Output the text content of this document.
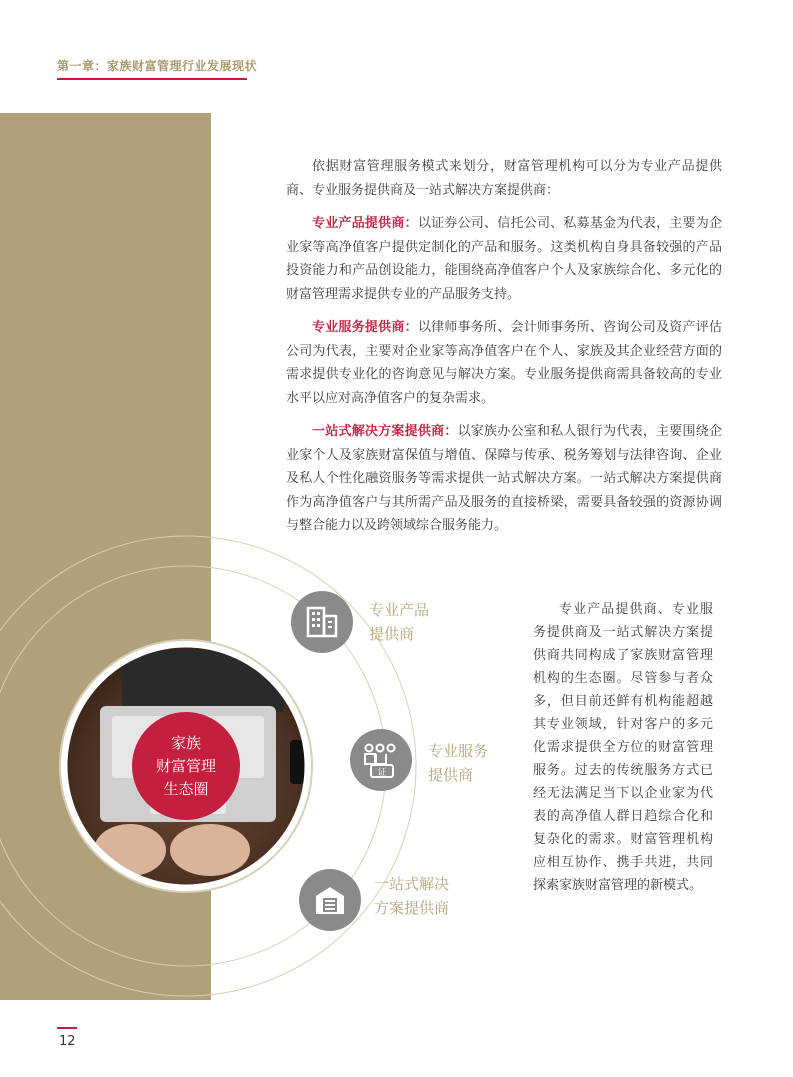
第一章：家族财富管理行业发展现状

依据财富管理服务模式来划分，财富管理机构可以分为专业产品提供商、专业服务提供商及一站式解决方案提供商：

专业产品提供商：以证券公司、信托公司、私募基金为代表，主要为企业家等高净值客户提供定制化的产品和服务。这类机构自身具备较强的产品投资能力和产品创设能力，能围绕高净值客户个人及家族综合化、多元化的财富管理需求提供专业的产品服务支持。

专业服务提供商：以律师事务所、会计师事务所、咨询公司及资产评估公司为代表，主要对企业家等高净值客户在个人、家族及其企业经营方面的需求提供专业化的咨询意见与解决方案。专业服务提供商需具备较高的专业水平以应对高净值客户的复杂需求。

一站式解决方案提供商：以家族办公室和私人银行为代表，主要围绕企业家个人及家族财富保值与增值、保障与传承、税务筹划与法律咨询、企业及私人个性化融资服务等需求提供一站式解决方案。一站式解决方案提供商作为高净值客户与其所需产品及服务的直接桥梁，需要具备较强的资源协调与整合能力以及跨领域综合服务能力。

家族
财富管理
生态圈
专业产品
提供商
证
专业服务
提供商
一站式解决
方案提供商

专业产品提供商、专业服务提供商及一站式解决方案提供商共同构成了家族财富管理机构的生态圈。尽管参与者众多，但目前还鲜有机构能超越其专业领域，针对客户的多元化需求提供全方位的财富管理服务。过去的传统服务方式已经无法满足当下以企业家为代表的高净值人群日趋综合化和复杂化的需求。财富管理机构应相互协作、携手共进，共同探索家族财富管理的新模式。

12
